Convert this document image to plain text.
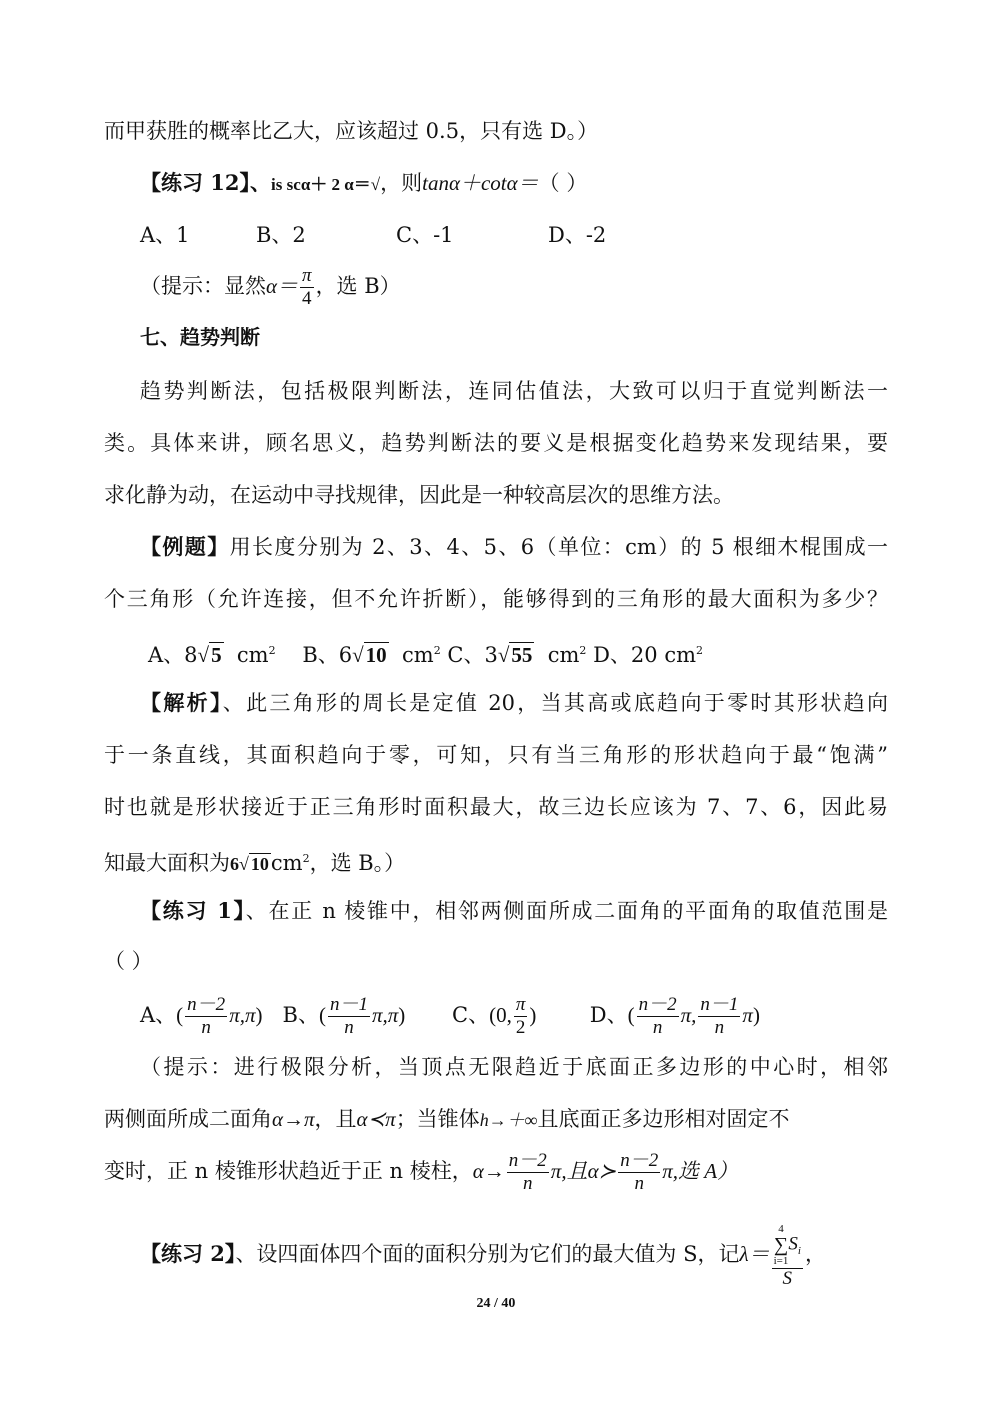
而甲获胜的概率比乙大，应该超过 0.5，只有选 D。）
【练习 12】、is scα＋ 2 α＝√，则tanα＋cotα＝（ ）
A、1	B、2	C、-1	D、-2
（提示：显然$\alpha= \frac{\pi}{4}$ ，选 B）
七、趋势判断
趋势判断法，包括极限判断法，连同估值法，大致可以归于直觉判断法一
类。具体来讲，顾名思义，趋势判断法的要义是根据变化趋势来发现结果，要
求化静为动，在运动中寻找规律，因此是一种较高层次的思维方法。
【例题】用长度分别为 2、3、4、5、6（单位：cm）的 5 根细木棍围成一
个三角形（允许连接，但不允许折断），能够得到的三角形的最大面积为多少？
A、8√5 $cm^2$ B、6√10 $cm^2$ C、3√55 $cm^2$ D、20 $cm^2$
【解析】、此三角形的周长是定值 20，当其高或底趋向于零时其形状趋向
于一条直线，其面积趋向于零，可知，只有当三角形的形状趋向于最“饱满”
时也就是形状接近于正三角形时面积最大，故三边长应该为 7、7、6，因此易
知最大面积为6√ $10cm^2$，选 B。）
【练习 1】、在正 n 棱锥中，相邻两侧面所成二面角的平面角的取值范围是
（ ）
A、( $\frac{n-2}{n} \pi,\pi$) B、( $\frac{n-1}{n} \pi,\pi$) C、(0, $\frac{\pi}{2}$ )	D、( $\frac{n-2}{n} \pi$, $\frac{n-1}{n} \pi$)
（提示：进行极限分析，当顶点无限趋近于底面正多边形的中心时，相邻
两侧面所成二面角α→π，且α≺π；当锥体h→＋∞且底面正多边形相对固定不
变时，正 n 棱锥形状趋近于正 n 棱柱，$\alpha\to \frac{n-2}{n} \pi$,且α≻ $\frac{n-2}{n} \pi$,选 A）
【练习 2】、设四面体四个面的面积分别为它们的最大值为 S，记λ＝ 4
∑
i=1
$S_i$
S ，
24 / 40
